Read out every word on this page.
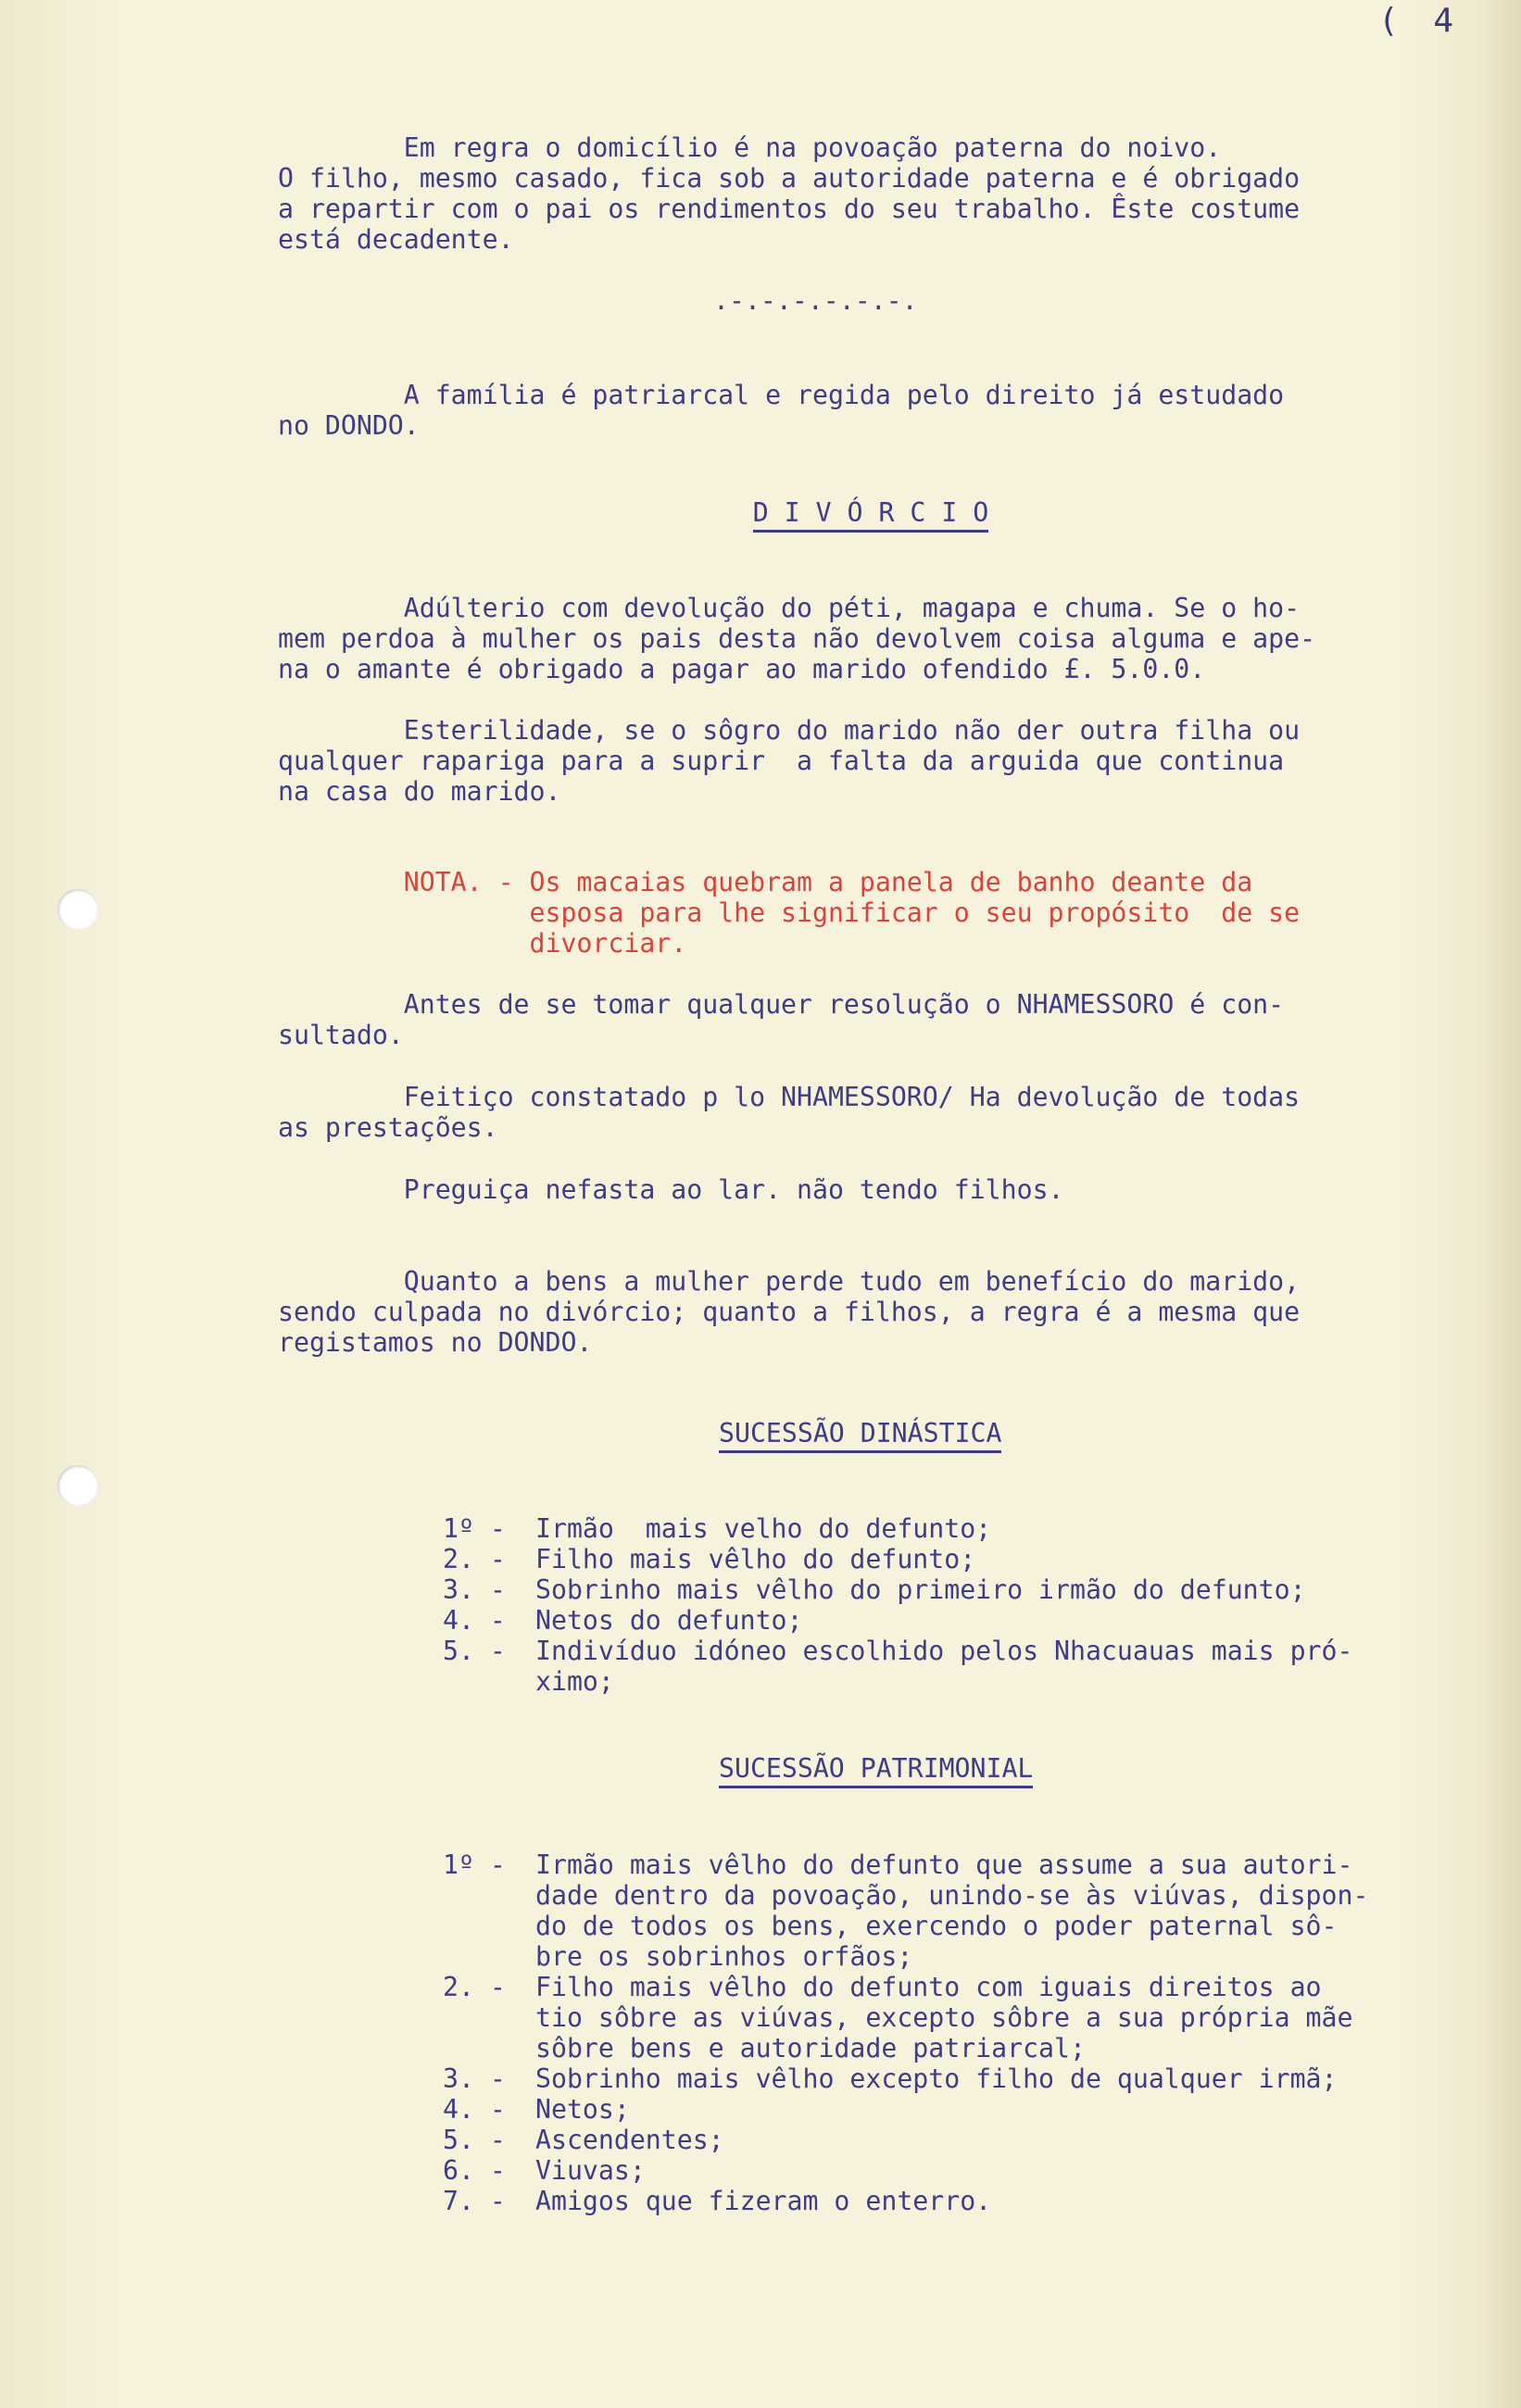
( 4
Em regra o domicílio é na povoação paterna do noivo.
O filho, mesmo casado, fica sob a autoridade paterna e é obrigado
a repartir com o pai os rendimentos do seu trabalho. Êste costume
está decadente.
.-.-.-.-.-.-.
A família é patriarcal e regida pelo direito já estudado
no DONDO.
D I V Ó R C I O
Adúlterio com devolução do péti, magapa e chuma. Se o ho-
mem perdoa à mulher os pais desta não devolvem coisa alguma e ape-
na o amante é obrigado a pagar ao marido ofendido £. 5.0.0.
Esterilidade, se o sôgro do marido não der outra filha ou
qualquer rapariga para a suprir  a falta da arguida que continua
na casa do marido.
NOTA. - Os macaias quebram a panela de banho deante da
esposa para lhe significar o seu propósito  de se
divorciar.
Antes de se tomar qualquer resolução o NHAMESSORO é con-
sultado.
Feitiço constatado p lo NHAMESSORO/ Ha devolução de todas
as prestações.
Preguiça nefasta ao lar. não tendo filhos.
Quanto a bens a mulher perde tudo em benefício do marido,
sendo culpada no divórcio; quanto a filhos, a regra é a mesma que
registamos no DONDO.
SUCESSÃO DINÁSTICA
1º -	Irmão  mais velho do defunto;
2. -	Filho mais vêlho do defunto;
3. -	Sobrinho mais vêlho do primeiro irmão do defunto;
4. -	Netos do defunto;
5. -	Indivíduo idóneo escolhido pelos Nhacuauas mais pró-
ximo;
SUCESSÃO PATRIMONIAL
1º -	Irmão mais vêlho do defunto que assume a sua autori-
dade dentro da povoação, unindo-se às viúvas, dispon-
do de todos os bens, exercendo o poder paternal sô-
bre os sobrinhos orfãos;
2. -	Filho mais vêlho do defunto com iguais direitos ao
tio sôbre as viúvas, excepto sôbre a sua própria mãe
sôbre bens e autoridade patriarcal;
3. -	Sobrinho mais vêlho excepto filho de qualquer irmã;
4. -	Netos;
5. -	Ascendentes;
6. -	Viuvas;
7. -	Amigos que fizeram o enterro.
